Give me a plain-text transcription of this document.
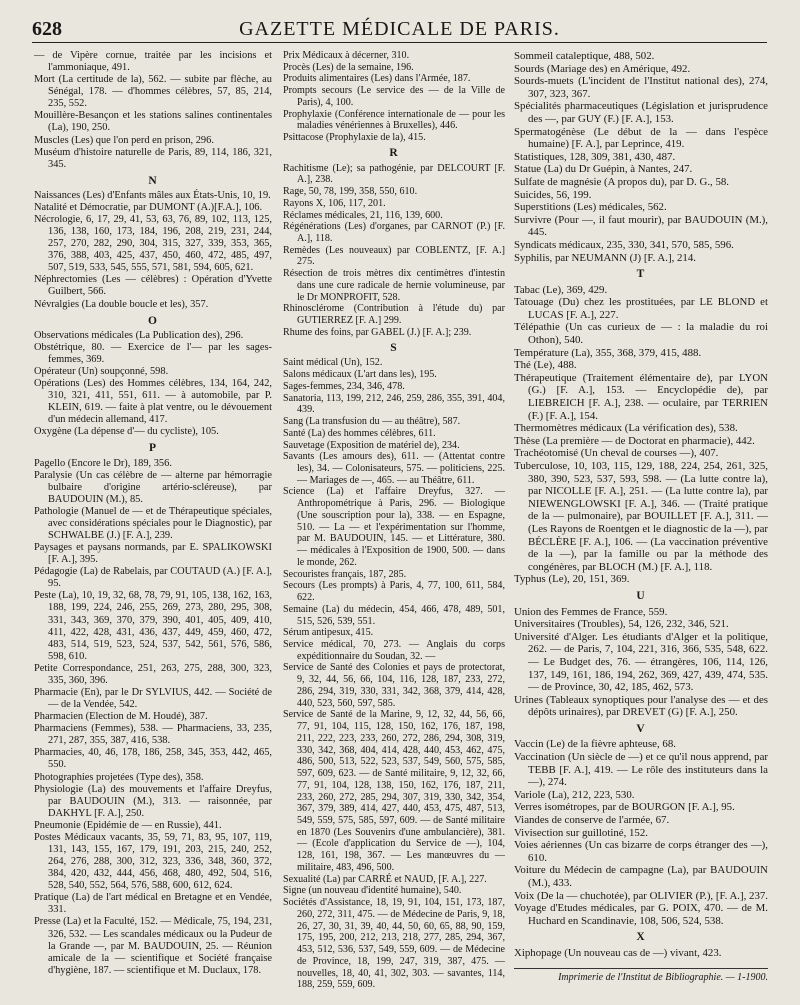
628	GAZETTE MÉDICALE DE PARIS.

— de Vipère cornue, traitée par les incisions et l'ammoniaque, 491.

Mort (La certitude de la), 562. — subite par flèche, au Sénégal, 178. — d'hommes célèbres, 57, 85, 214, 235, 552.

Mouillère-Besançon et les stations salines continentales (La), 190, 250.

Muscles (Les) que l'on perd en prison, 296.

Muséum d'histoire naturelle de Paris, 89, 114, 186, 321, 345.

N

Naissances (Les) d'Enfants mâles aux États-Unis, 10, 19.

Natalité et Démocratie, par DUMONT (A.)[F.A.], 106.

Nécrologie, 6, 17, 29, 41, 53, 63, 76, 89, 102, 113, 125, 136, 138, 160, 173, 184, 196, 208, 219, 231, 244, 257, 270, 282, 290, 304, 315, 327, 339, 353, 365, 376, 388, 403, 425, 437, 450, 460, 472, 485, 497, 507, 519, 533, 545, 555, 571, 581, 594, 605, 621.

Néphrectomies (Les — célèbres) : Opération d'Yvette Guilbert, 566.

Névralgies (La double boucle et les), 357.

O

Observations médicales (La Publication des), 296.

Obstétrique, 80. — Exercice de l'— par les sages-femmes, 369.

Opérateur (Un) soupçonné, 598.

Opérations (Les) des Hommes célèbres, 134, 164, 242, 310, 321, 411, 551, 611. — à automobile, par P. KLEIN, 619. — faite à plat ventre, ou le dévouement d'un médecin allemand, 417.

Oxygène (La dépense d'— du cycliste), 105.

P

Pagello (Encore le Dr), 189, 356.

Paralysie (Un cas célèbre de — alterne par hémorragie bulbaire d'origine artério-scléreuse), par BAUDOUIN (M.), 85.

Pathologie (Manuel de — et de Thérapeutique spéciales, avec considérations spéciales pour le Diagnostic), par SCHWALBE (J.) [F. A.], 239.

Paysages et paysans normands, par E. SPALIKOWSKI [F. A.], 395.

Pédagogie (La) de Rabelais, par COUTAUD (A.) [F. A.], 95.

Peste (La), 10, 19, 32, 68, 78, 79, 91, 105, 138, 162, 163, 188, 199, 224, 246, 255, 269, 273, 280, 295, 308, 331, 343, 369, 370, 379, 390, 401, 405, 409, 410, 411, 422, 428, 431, 436, 437, 449, 459, 460, 472, 483, 514, 519, 523, 524, 537, 542, 561, 576, 586, 598, 610.

Petite Correspondance, 251, 263, 275, 288, 300, 323, 335, 360, 396.

Pharmacie (En), par le Dr SYLVIUS, 442. — Société de — de la Vendée, 542.

Pharmacien (Election de M. Houdé), 387.

Pharmaciens (Femmes), 538. — Pharmaciens, 33, 235, 271, 287, 355, 387, 416, 538.

Pharmacies, 40, 46, 178, 186, 258, 345, 353, 442, 465, 550.

Photographies projetées (Type des), 358.

Physiologie (La) des mouvements et l'affaire Dreyfus, par BAUDOUIN (M.), 313. — raisonnée, par DAKHYL [F. A.], 250.

Pneumonie (Epidémie de — en Russie), 441.

Postes Médicaux vacants, 35, 59, 71, 83, 95, 107, 119, 131, 143, 155, 167, 179, 191, 203, 215, 240, 252, 264, 276, 288, 300, 312, 323, 336, 348, 360, 372, 384, 420, 432, 444, 456, 468, 480, 492, 504, 516, 528, 540, 552, 564, 576, 588, 600, 612, 624.

Pratique (La) de l'art médical en Bretagne et en Vendée, 331.

Presse (La) et la Faculté, 152. — Médicale, 75, 194, 231, 326, 532. — Les scandales médicaux ou la Pudeur de la Grande —, par M. BAUDOUIN, 25. — Réunion amicale de la — scientifique et Société française d'hygiène, 187. — scientifique et M. Duclaux, 178.

Prix Médicaux à décerner, 310.

Procès (Les) de la semaine, 196.

Produits alimentaires (Les) dans l'Armée, 187.

Prompts secours (Le service des — de la Ville de Paris), 4, 100.

Prophylaxie (Conférence internationale de — pour les maladies vénériennes à Bruxelles), 446.

Psittacose (Prophylaxie de la), 415.

R

Rachitisme (Le); sa pathogénie, par DELCOURT [F. A.], 238.

Rage, 50, 78, 199, 358, 550, 610.

Rayons X, 106, 117, 201.

Réclames médicales, 21, 116, 139, 600.

Régénérations (Les) d'organes, par CARNOT (P.) [F. A.], 118.

Remèdes (Les nouveaux) par COBLENTZ, [F. A.] 275.

Résection de trois mètres dix centimètres d'intestin dans une cure radicale de hernie volumineuse, par le Dr MONPROFIT, 528.

Rhinosclérome (Contribution à l'étude du) par GUTIERREZ [F. A.] 299.

Rhume des foins, par GABEL (J.) [F. A.]; 239.

S

Saint médical (Un), 152.

Salons médicaux (L'art dans les), 195.

Sages-femmes, 234, 346, 478.

Sanatoria, 113, 199, 212, 246, 259, 286, 355, 391, 404, 439.

Sang (La transfusion du — au théâtre), 587.

Santé (La) des hommes célèbres, 611.

Sauvetage (Exposition de matériel de), 234.

Savants (Les amours des), 611. — (Attentat contre les), 34. — Colonisateurs, 575. — politiciens, 225. — Mariages de —, 465. — au Théâtre, 611.

Science (La) et l'affaire Dreyfus, 327. — Anthropométrique à Paris, 296. — Biologique (Une souscription pour la), 338. — en Espagne, 510. — La — et l'expérimentation sur l'homme, par M. BAUDOUIN, 145. — et Littérature, 380. — médicales à l'Exposition de 1900, 500. — dans le monde, 262.

Secouristes français, 187, 285.

Secours (Les prompts) à Paris, 4, 77, 100, 611, 584, 622.

Semaine (La) du médecin, 454, 466, 478, 489, 501, 515, 526, 539, 551.

Sérum antipesux, 415.

Service médical, 70, 273. — Anglais du corps expéditionnaire du Soudan, 32. —

Service de Santé des Colonies et pays de protectorat, 9, 32, 44, 56, 66, 104, 116, 128, 187, 233, 272, 286, 294, 319, 330, 331, 342, 368, 379, 414, 428, 440, 523, 560, 597, 585.

Service de Santé de la Marine, 9, 12, 32, 44, 56, 66, 77, 91, 104, 115, 128, 150, 162, 176, 187, 198, 211, 222, 223, 233, 260, 272, 286, 294, 308, 319, 330, 342, 368, 404, 414, 428, 440, 453, 462, 475, 486, 500, 513, 522, 523, 537, 549, 560, 575, 585, 597, 609, 623. — de Santé militaire, 9, 12, 32, 66, 77, 91, 104, 128, 138, 150, 162, 176, 187, 211, 233, 260, 272, 285, 294, 307, 319, 330, 342, 354, 367, 379, 389, 414, 427, 440, 453, 475, 487, 513, 549, 559, 575, 585, 597, 609. — de Santé militaire en 1870 (Les Souvenirs d'une ambulancière), 381. — (Ecole d'application du Service de —), 104, 128, 161, 198, 367. — Les manœuvres du — militaire, 483, 496, 500.

Sexualité (La) par CARRÉ et NAUD, [F. A.], 227.

Signe (un nouveau d'identité humaine), 540.

Sociétés d'Assistance, 18, 19, 91, 104, 151, 173, 187, 260, 272, 311, 475. — de Médecine de Paris, 9, 18, 26, 27, 30, 31, 39, 40, 44, 50, 60, 65, 88, 90, 159, 175, 195, 200, 212, 213, 218, 277, 285, 294, 367, 453, 512, 536, 537, 549, 559, 609. — de Médecine de Province, 18, 199, 247, 319, 387, 475. — nouvelles, 18, 40, 41, 302, 303. — savantes, 114, 188, 259, 559, 609.

Sommeil cataleptique, 488, 502.

Sourds (Mariage des) en Amérique, 492.

Sourds-muets (L'incident de l'Institut national des), 274, 307, 323, 367.

Spécialités pharmaceutiques (Législation et jurisprudence des —, par GUY (F.) [F. A.], 153.

Spermatogénèse (Le début de la — dans l'espèce humaine) [F. A.], par Leprince, 419.

Statistiques, 128, 309, 381, 430, 487.

Statue (La) du Dr Guépin, à Nantes, 247.

Sulfate de magnésie (A propos du), par D. G., 58.

Suicides, 56, 199.

Superstitions (Les) médicales, 562.

Survivre (Pour —, il faut mourir), par BAUDOUIN (M.), 445.

Syndicats médicaux, 235, 330, 341, 570, 585, 596.

Syphilis, par NEUMANN (J) [F. A.], 214.

T

Tabac (Le), 369, 429.

Tatouage (Du) chez les prostituées, par LE BLOND et LUCAS [F. A.], 227.

Télépathie (Un cas curieux de — : la maladie du roi Othon), 540.

Température (La), 355, 368, 379, 415, 488.

Thé (Le), 488.

Thérapeutique (Traitement élémentaire de), par LYON (G.) [F. A.], 153. — Encyclopédie de), par LIEBREICH [F. A.], 238. — oculaire, par TERRIEN (F.) [F. A.], 154.

Thermomètres médicaux (La vérification des), 538.

Thèse (La première — de Doctorat en pharmacie), 442.

Trachéotomisé (Un cheval de courses —), 407.

Tuberculose, 10, 103, 115, 129, 188, 224, 254, 261, 325, 380, 390, 523, 537, 593, 598. — (La lutte contre la), par NICOLLE [F. A.], 251. — (La lutte contre la), par NIEWENGLOWSKI [F. A.], 346. — (Traité pratique de la — pulmonaire), par BOUILLET [F. A.], 311. — (Les Rayons de Roentgen et le diagnostic de la —), par BÉCLÈRE [F. A.], 106. — (La vaccination préventive de la —), par la famille ou par la méthode des congénères, par BLOCH (M.) [F. A.], 118.

Typhus (Le), 20, 151, 369.

U

Union des Femmes de France, 559.

Universitaires (Troubles), 54, 126, 232, 346, 521.

Université d'Alger. Les étudiants d'Alger et la politique, 262. — de Paris, 7, 104, 221, 316, 366, 535, 548, 622. — Le Budget des, 76. — étrangères, 106, 114, 126, 137, 149, 161, 186, 194, 262, 369, 427, 439, 474, 535. — de Province, 30, 42, 185, 462, 573.

Urines (Tableaux synoptiques pour l'analyse des — et des dépôts urinaires), par DREVET (G) [F. A.], 250.

V

Vaccin (Le) de la fièvre aphteuse, 68.

Vaccination (Un siècle de —) et ce qu'il nous apprend, par TEBB [F. A.], 419. — Le rôle des instituteurs dans la —), 274.

Variole (La), 212, 223, 530.

Verres isométropes, par de BOURGON [F. A.], 95.

Viandes de conserve de l'armée, 67.

Vivisection sur guillotiné, 152.

Voies aériennes (Un cas bizarre de corps étranger des —), 610.

Voiture du Médecin de campagne (La), par BAUDOUIN (M.), 433.

Voix (De la — chuchotée), par OLIVIER (P.), [F. A.], 237.

Voyage d'Etudes médicales, par G. POIX, 470. — de M. Huchard en Scandinavie, 108, 506, 524, 538.

X

Xiphopage (Un nouveau cas de —) vivant, 423.

Imprimerie de l'Institut de Bibliographie. — 1-1900.
